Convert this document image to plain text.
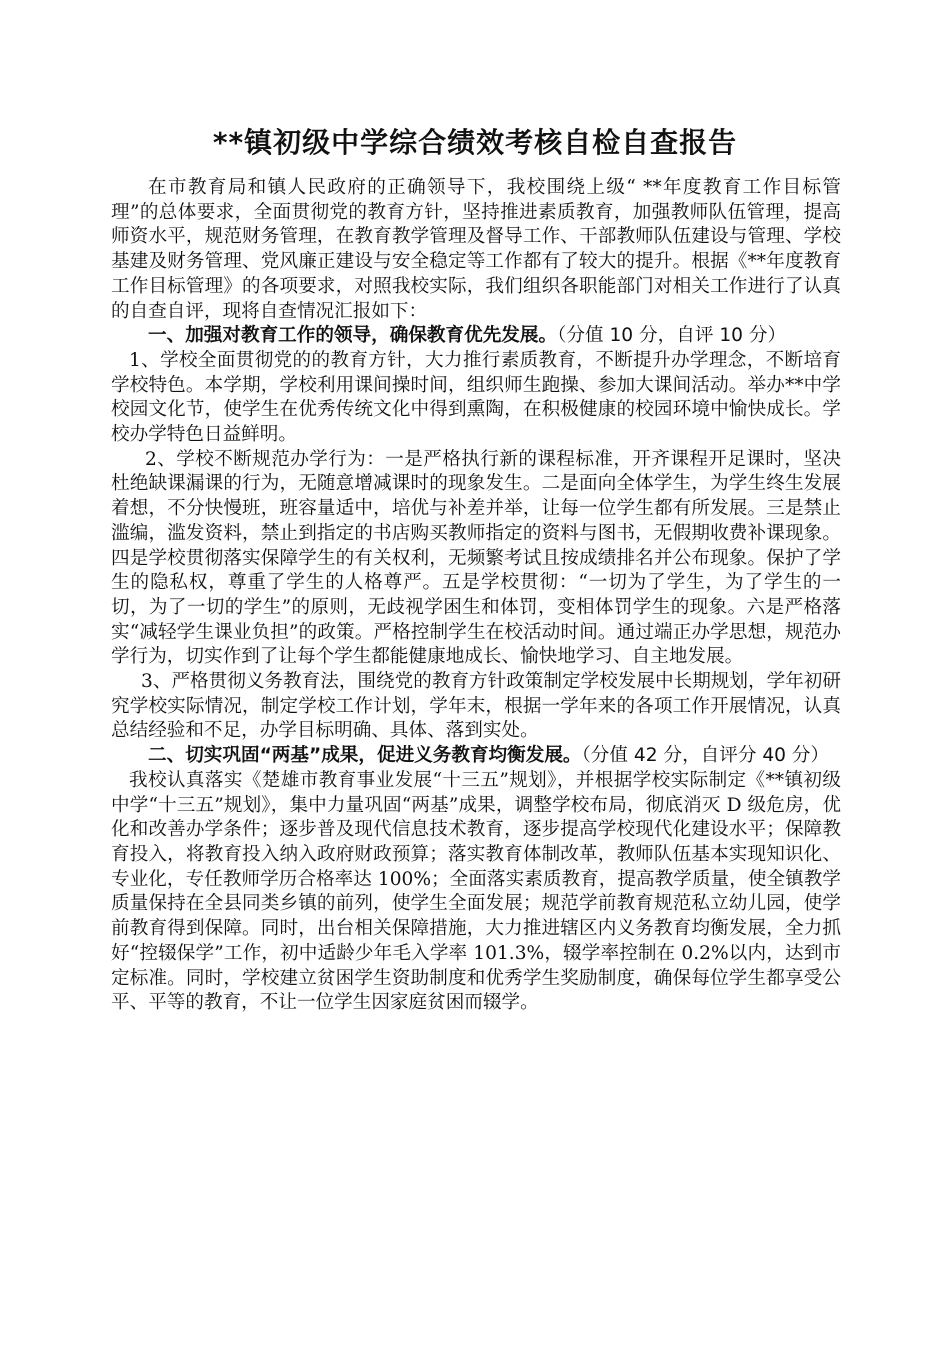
**镇初级中学综合绩效考核自检自查报告

在市教育局和镇人民政府的正确领导下，我校围绕上级“ **年度教育工作目标管理”的总体要求，全面贯彻党的教育方针，坚持推进素质教育，加强教师队伍管理，提高师资水平，规范财务管理，在教育教学管理及督导工作、干部教师队伍建设与管理、学校基建及财务管理、党风廉正建设与安全稳定等工作都有了较大的提升。根据《**年度教育工作目标管理》的各项要求，对照我校实际，我们组织各职能部门对相关工作进行了认真的自查自评，现将自查情况汇报如下：

一、加强对教育工作的领导，确保教育优先发展。（分值 10 分，自评 10 分）

1、学校全面贯彻党的的教育方针，大力推行素质教育，不断提升办学理念，不断培育学校特色。本学期，学校利用课间操时间，组织师生跑操、参加大课间活动。举办**中学校园文化节，使学生在优秀传统文化中得到熏陶，在积极健康的校园环境中愉快成长。学校办学特色日益鲜明。

2、学校不断规范办学行为：一是严格执行新的课程标准，开齐课程开足课时，坚决杜绝缺课漏课的行为，无随意增减课时的现象发生。二是面向全体学生，为学生终生发展着想，不分快慢班，班容量适中，培优与补差并举，让每一位学生都有所发展。三是禁止滥编，滥发资料，禁止到指定的书店购买教师指定的资料与图书，无假期收费补课现象。四是学校贯彻落实保障学生的有关权利，无频繁考试且按成绩排名并公布现象。保护了学生的隐私权，尊重了学生的人格尊严。五是学校贯彻：“一切为了学生，为了学生的一切，为了一切的学生”的原则，无歧视学困生和体罚，变相体罚学生的现象。六是严格落实“减轻学生课业负担”的政策。严格控制学生在校活动时间。通过端正办学思想，规范办学行为，切实作到了让每个学生都能健康地成长、愉快地学习、自主地发展。

3、严格贯彻义务教育法，围绕党的教育方针政策制定学校发展中长期规划，学年初研究学校实际情况，制定学校工作计划，学年末，根据一学年来的各项工作开展情况，认真总结经验和不足，办学目标明确、具体、落到实处。

二、切实巩固“两基”成果，促进义务教育均衡发展。（分值 42 分，自评分 40 分）

我校认真落实《楚雄市教育事业发展“十三五”规划》，并根据学校实际制定《**镇初级中学“十三五”规划》，集中力量巩固“两基”成果，调整学校布局，彻底消灭 D 级危房，优化和改善办学条件；逐步普及现代信息技术教育，逐步提高学校现代化建设水平；保障教育投入，将教育投入纳入政府财政预算；落实教育体制改革，教师队伍基本实现知识化、专业化，专任教师学历合格率达 100%；全面落实素质教育，提高教学质量，使全镇教学质量保持在全县同类乡镇的前列，使学生全面发展；规范学前教育规范私立幼儿园，使学前教育得到保障。同时，出台相关保障措施，大力推进辖区内义务教育均衡发展，全力抓好“控辍保学”工作，初中适龄少年毛入学率 101.3%，辍学率控制在 0.2%以内，达到市定标准。同时，学校建立贫困学生资助制度和优秀学生奖励制度，确保每位学生都享受公平、平等的教育，不让一位学生因家庭贫困而辍学。
